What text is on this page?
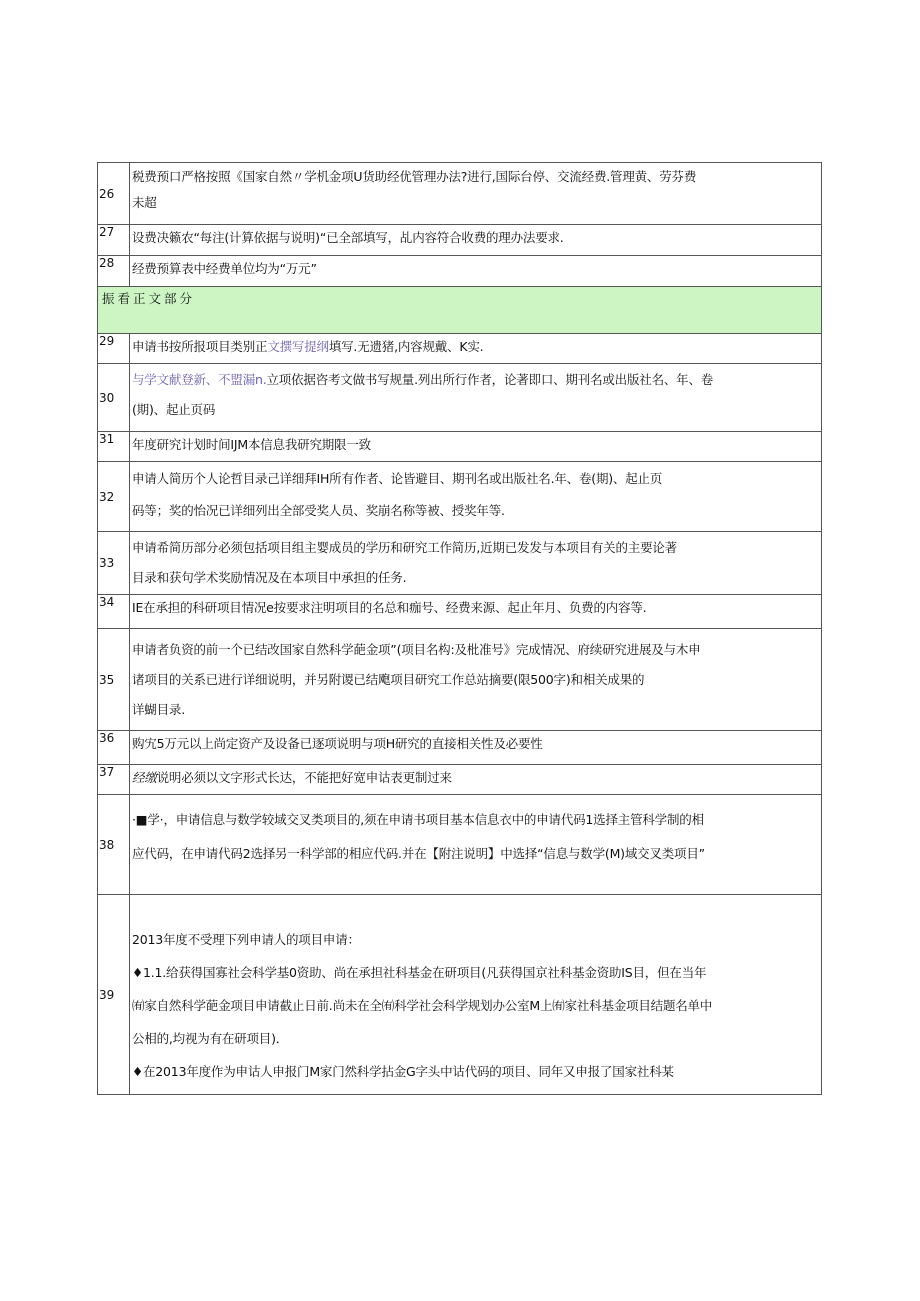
26	税费预口严格按照《国家自然〃学机金项U货助经优管理办法?进行,国际台停、交流经费.管理黄、劳芬费
未超

27	设费决籁农“每注(计算依据与说明)“已全部填写，乩内容符合收费的理办法要求.

28	经费预算表中经费单位均为“万元”

振看正文部分	
29	申请书按所报项目类别正文撰写提纲填写.无遗猪,内容规戴、K实.

30	与学文献登新、不盟漏n.立项依据咨考文做书写规量.列出所行作者，论著即口、期刊名或出版社名、年、卷
(期)、起止页码

31	年度研究计划时间IJM本信息我研究期限一致

32	申请人简历个人论哲目录己详细拜IH所有作者、论皆避目、期刊名或出版社名.年、卷(期)、起止页
码等；奖的怡况已详细列出全部受奖人员、奖崩名称等被、授奖年等.

33	申请希简历部分必须包括项目组主婴成员的学历和研究工作简历,近期已发发与本项目有关的主要论著
目录和获句学术奖励情况及在本项目中承担的任务.

34	IE在承担的科研项目情况e按要求注明项目的名总和痂号、经费来源、起止年月、负费的内容等.

35	申请者负资的前一个已结改国家自然科学葩金项”(项目名构:及枇准号》完成情况、府续研究进展及与木申
诸项目的关系已进行详细说明，并另附谡已结飑项目研究工作总站摘要(限500字)和相关成果的
详蝴目录.

36	购宄5万元以上尚定资产及设备已逐项说明与项H研究的直接相关性及必要性

37	经缴说明必须以文字形式长达，不能把好宽申诂表更制过来

38	·■学·，申请信息与数学较域交叉类项目的,须在申请书项目基本信息衣中的申请代码1选择主管科学制的相
应代码，在申请代码2选择另一科学部的相应代码.并在【附注说明】中选择“信息与数学(M)域交叉类项目”

39	2013年度不受理下列申请人的项目申请：
♦1.1.给获得国寡社会科学基0资助、尚在承担社科基金在研项目(凡获得国京社科基金资助IS目，但在当年
㈲家自然科学葩金项目申请截止日前.尚未在全㈲科学社会科学规划办公室M上㈲家社科基金项目结题名单中
公相的,均视为有在研项目)．
♦在2013年度作为申诂人申报门M家门然科学拈金G字头中诂代码的项目、同年又申报了国家社科某
